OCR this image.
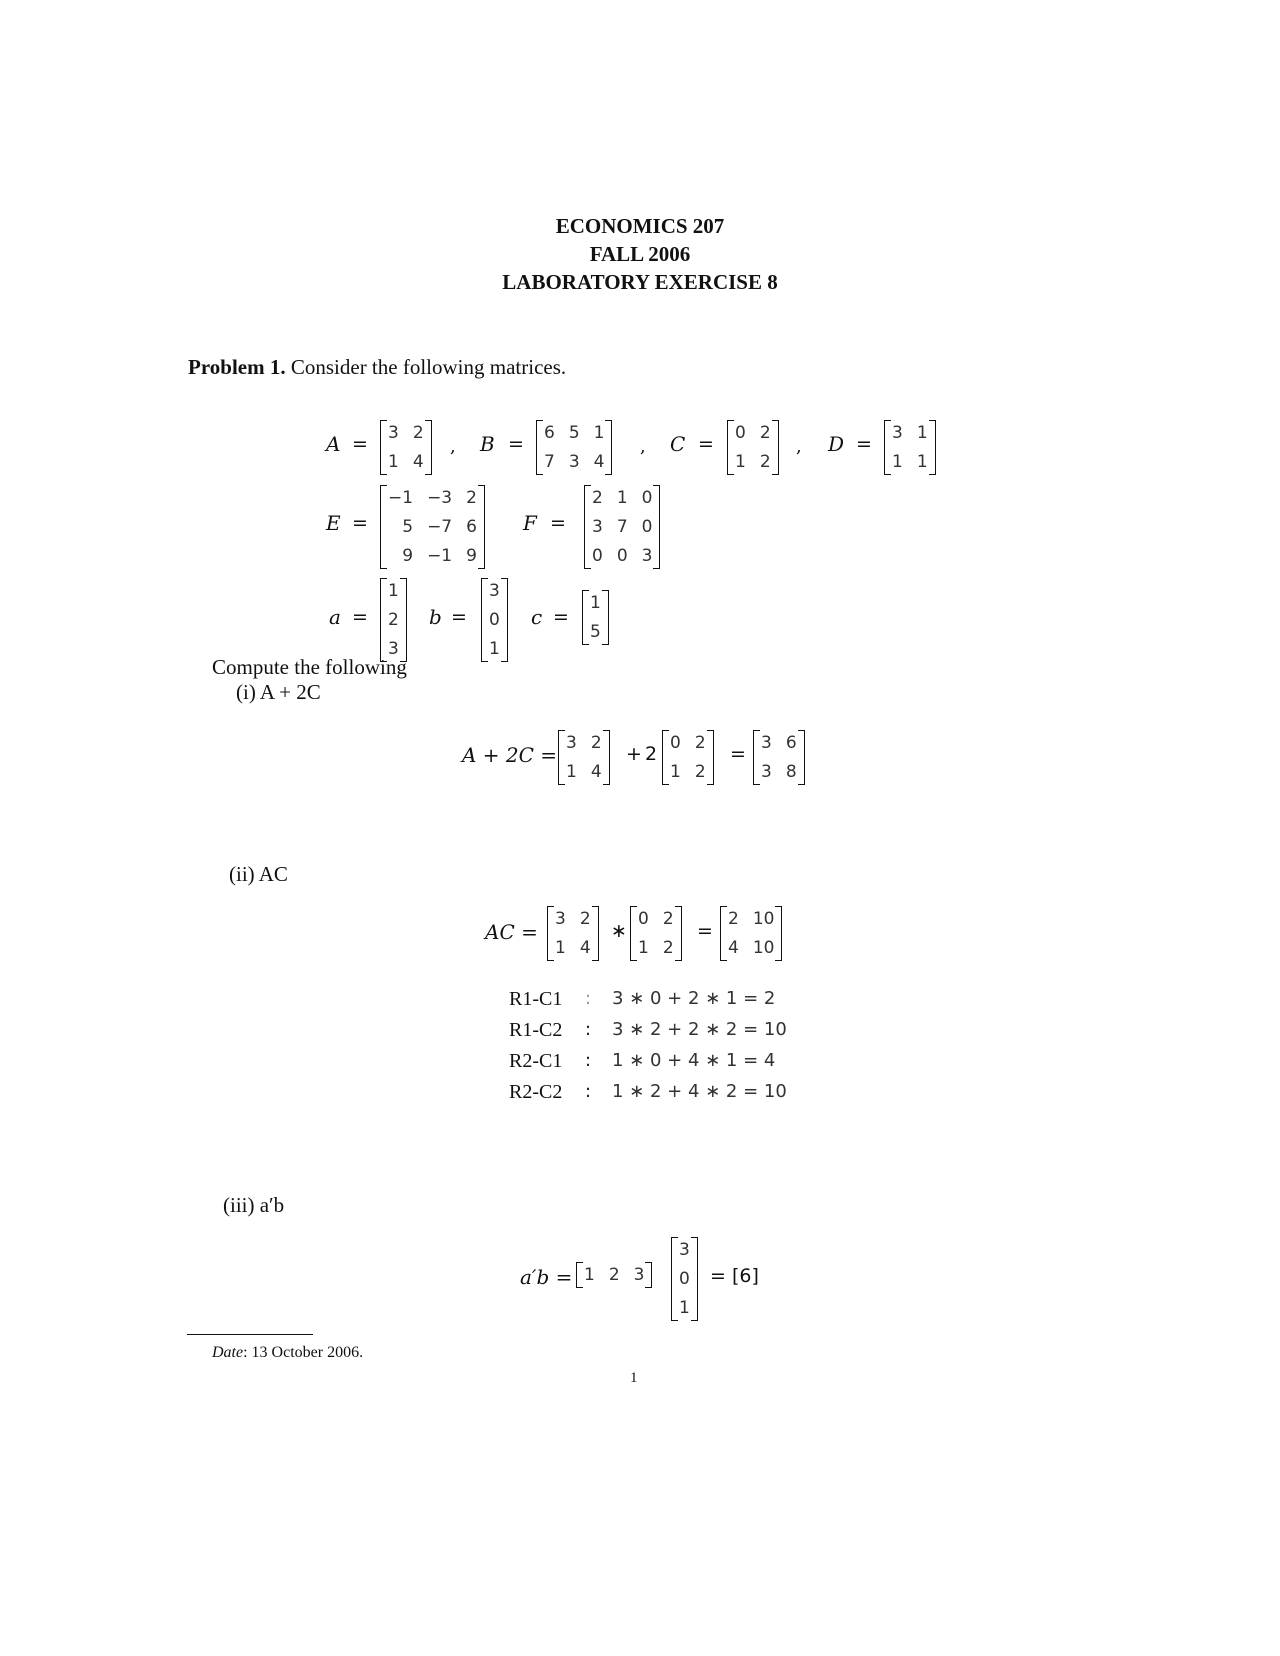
ECONOMICS 207
FALL 2006
LABORATORY EXERCISE 8
Problem 1. Consider the following matrices.
A = 3 2
1 4
, B = 6 5 1
7 3 4
, C = 0 2
1 2
, D = 3 1
1 1
E =
−1 −3 2
5 −7 6
9 −1 9
F =
2 1 0
3 7 0
0 0 3
a =
1
2
3
b =
3
0
1
c =
1
5
Compute the following
(i) A + 2C
A + 2C = 3 2
1 4
+ 2 0 2
1 2
= 3 6
3 8
(ii) AC
AC =
3 2
1 4
∗
0 2
1 2
=
2 10
4 10
R1-C1 : 3 ∗ 0 + 2 ∗ 1 = 2
R1-C2 : 3 ∗ 2 + 2 ∗ 2 = 10
R2-C1 : 1 ∗ 0 + 4 ∗ 1 = 4
R2-C2 : 1 ∗ 2 + 4 ∗ 2 = 10
(iii) a′b
a′b = 1 2 3
3
0
1
= [6]
Date: 13 October 2006.
1
